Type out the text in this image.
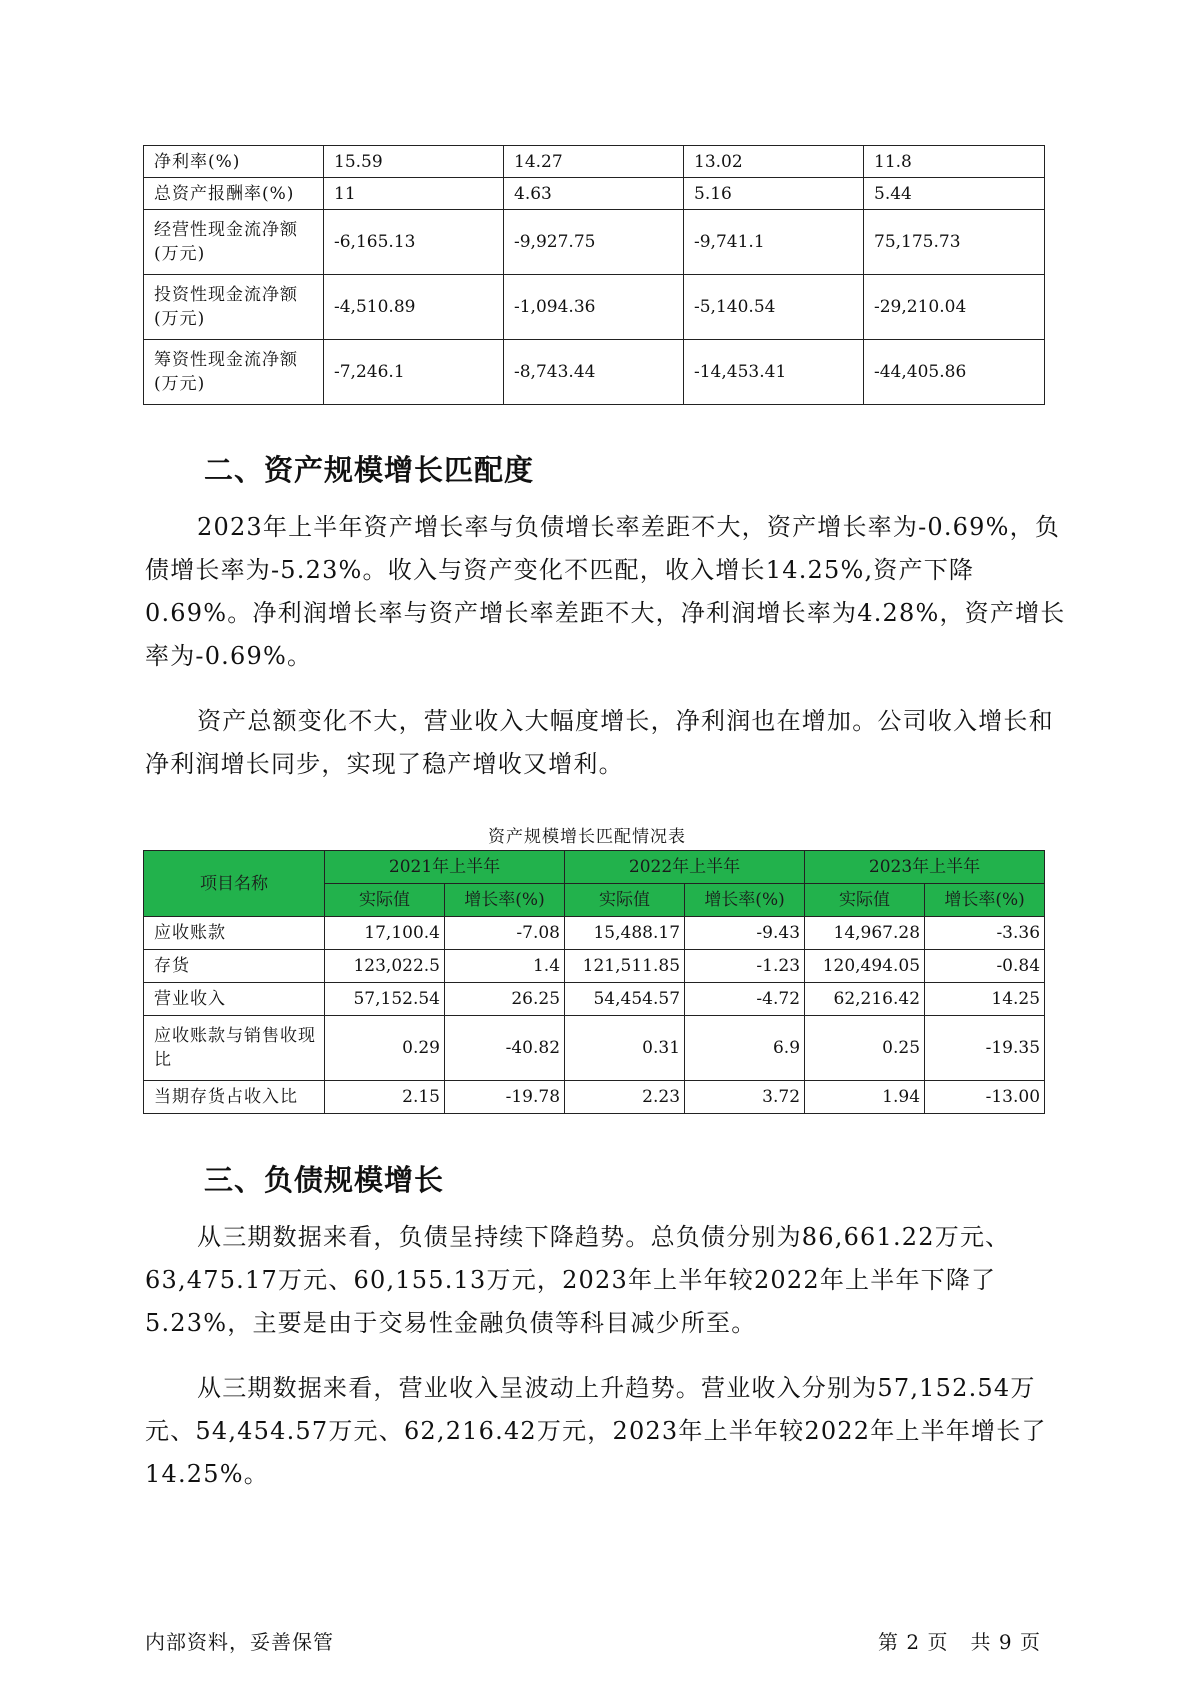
净利率(%)	15.59	14.27	13.02	11.8
总资产报酬率(%)	11	4.63	5.16	5.44
经营性现金流净额(万元)	-6,165.13	-9,927.75	-9,741.1	75,175.73
投资性现金流净额(万元)	-4,510.89	-1,094.36	-5,140.54	-29,210.04
筹资性现金流净额(万元)	-7,246.1	-8,743.44	-14,453.41	-44,405.86
二、资产规模增长匹配度

2023年上半年资产增长率与负债增长率差距不大，资产增长率为-0.69%，负债增长率为-5.23%。收入与资产变化不匹配，收入增长14.25%,资产下降0.69%。净利润增长率与资产增长率差距不大，净利润增长率为4.28%，资产增长率为-0.69%。

资产总额变化不大，营业收入大幅度增长，净利润也在增加。公司收入增长和净利润增长同步，实现了稳产增收又增利。

资产规模增长匹配情况表
项目名称	2021年上半年		2022年上半年		2023年上半年	
	实际值	增长率(%)	实际值	增长率(%)	实际值	增长率(%)
应收账款	17,100.4	-7.08	15,488.17	-9.43	14,967.28	-3.36
存货	123,022.5	1.4	121,511.85	-1.23	120,494.05	-0.84
营业收入	57,152.54	26.25	54,454.57	-4.72	62,216.42	14.25
应收账款与销售收现比	0.29	-40.82	0.31	6.9	0.25	-19.35
当期存货占收入比	2.15	-19.78	2.23	3.72	1.94	-13.00
三、负债规模增长

从三期数据来看，负债呈持续下降趋势。总负债分别为86,661.22万元、63,475.17万元、60,155.13万元，2023年上半年较2022年上半年下降了5.23%，主要是由于交易性金融负债等科目减少所至。

从三期数据来看，营业收入呈波动上升趋势。营业收入分别为57,152.54万元、54,454.57万元、62,216.42万元，2023年上半年较2022年上半年增长了14.25%。

内部资料，妥善保管	第 2 页   共 9 页
